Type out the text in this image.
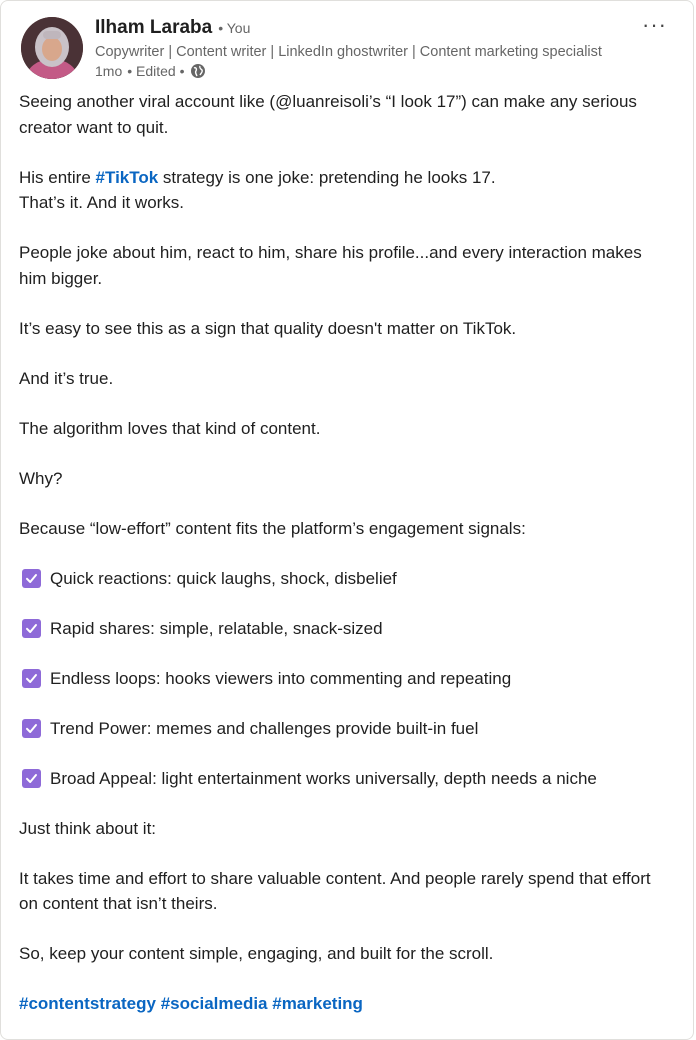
Ilham Laraba • You
Copywriter | Content writer | LinkedIn ghostwriter | Content marketing specialist
1mo • Edited •
···

Seeing another viral account like (@luanreisoli’s “I look 17”) can make any serious creator want to quit.

His entire #TikTok strategy is one joke: pretending he looks 17.
That’s it. And it works.

People joke about him, react to him, share his profile...and every interaction makes him bigger.

It’s easy to see this as a sign that quality doesn't matter on TikTok.

And it’s true.

The algorithm loves that kind of content.

Why?

Because “low-effort” content fits the platform’s engagement signals:

Quick reactions: quick laughs, shock, disbelief
Rapid shares: simple, relatable, snack-sized
Endless loops: hooks viewers into commenting and repeating
Trend Power: memes and challenges provide built-in fuel
Broad Appeal: light entertainment works universally, depth needs a niche

Just think about it:

It takes time and effort to share valuable content. And people rarely spend that effort on content that isn’t theirs.

So, keep your content simple, engaging, and built for the scroll.

#contentstrategy #socialmedia #marketing
